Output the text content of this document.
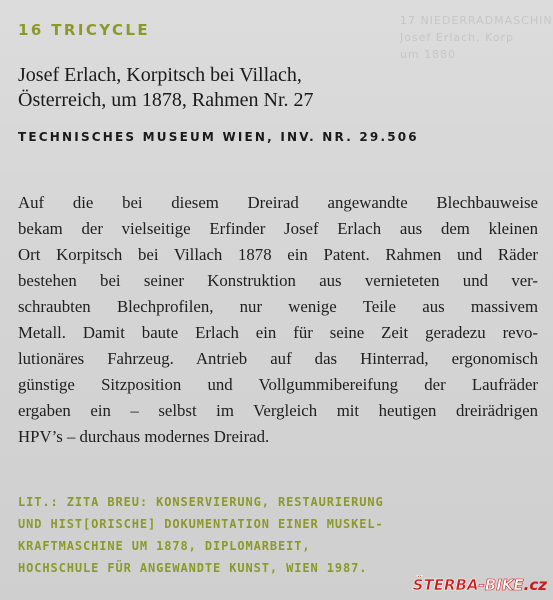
17 NIEDERRADMASCHIN
Josef Erlach, Korp
um 1880
16 TRICYCLE
Josef Erlach, Korpitsch bei Villach,
Österreich, um 1878, Rahmen Nr. 27
TECHNISCHES MUSEUM WIEN, INV. NR. 29.506
Auf die bei diesem Dreirad angewandte Blechbauweise
bekam der vielseitige Erfinder Josef Erlach aus dem kleinen
Ort Korpitsch bei Villach 1878 ein Patent. Rahmen und Räder
bestehen bei seiner Konstruktion aus vernieteten und ver-
schraubten Blechprofilen, nur wenige Teile aus massivem
Metall. Damit baute Erlach ein für seine Zeit geradezu revo-
lutionäres Fahrzeug. Antrieb auf das Hinterrad, ergonomisch
günstige Sitzposition und Vollgummibereifung der Laufräder
ergaben ein – selbst im Vergleich mit heutigen dreirädrigen
HPV’s – durchaus modernes Dreirad.
LIT.: ZITA BREU: KONSERVIERUNG, RESTAURIERUNG
UND HIST[ORISCHE] DOKUMENTATION EINER MUSKEL-
KRAFTMASCHINE UM 1878, DIPLOMARBEIT,
HOCHSCHULE FÜR ANGEWANDTE KUNST, WIEN 1987.
ŠTERBA-BIKE.cz
